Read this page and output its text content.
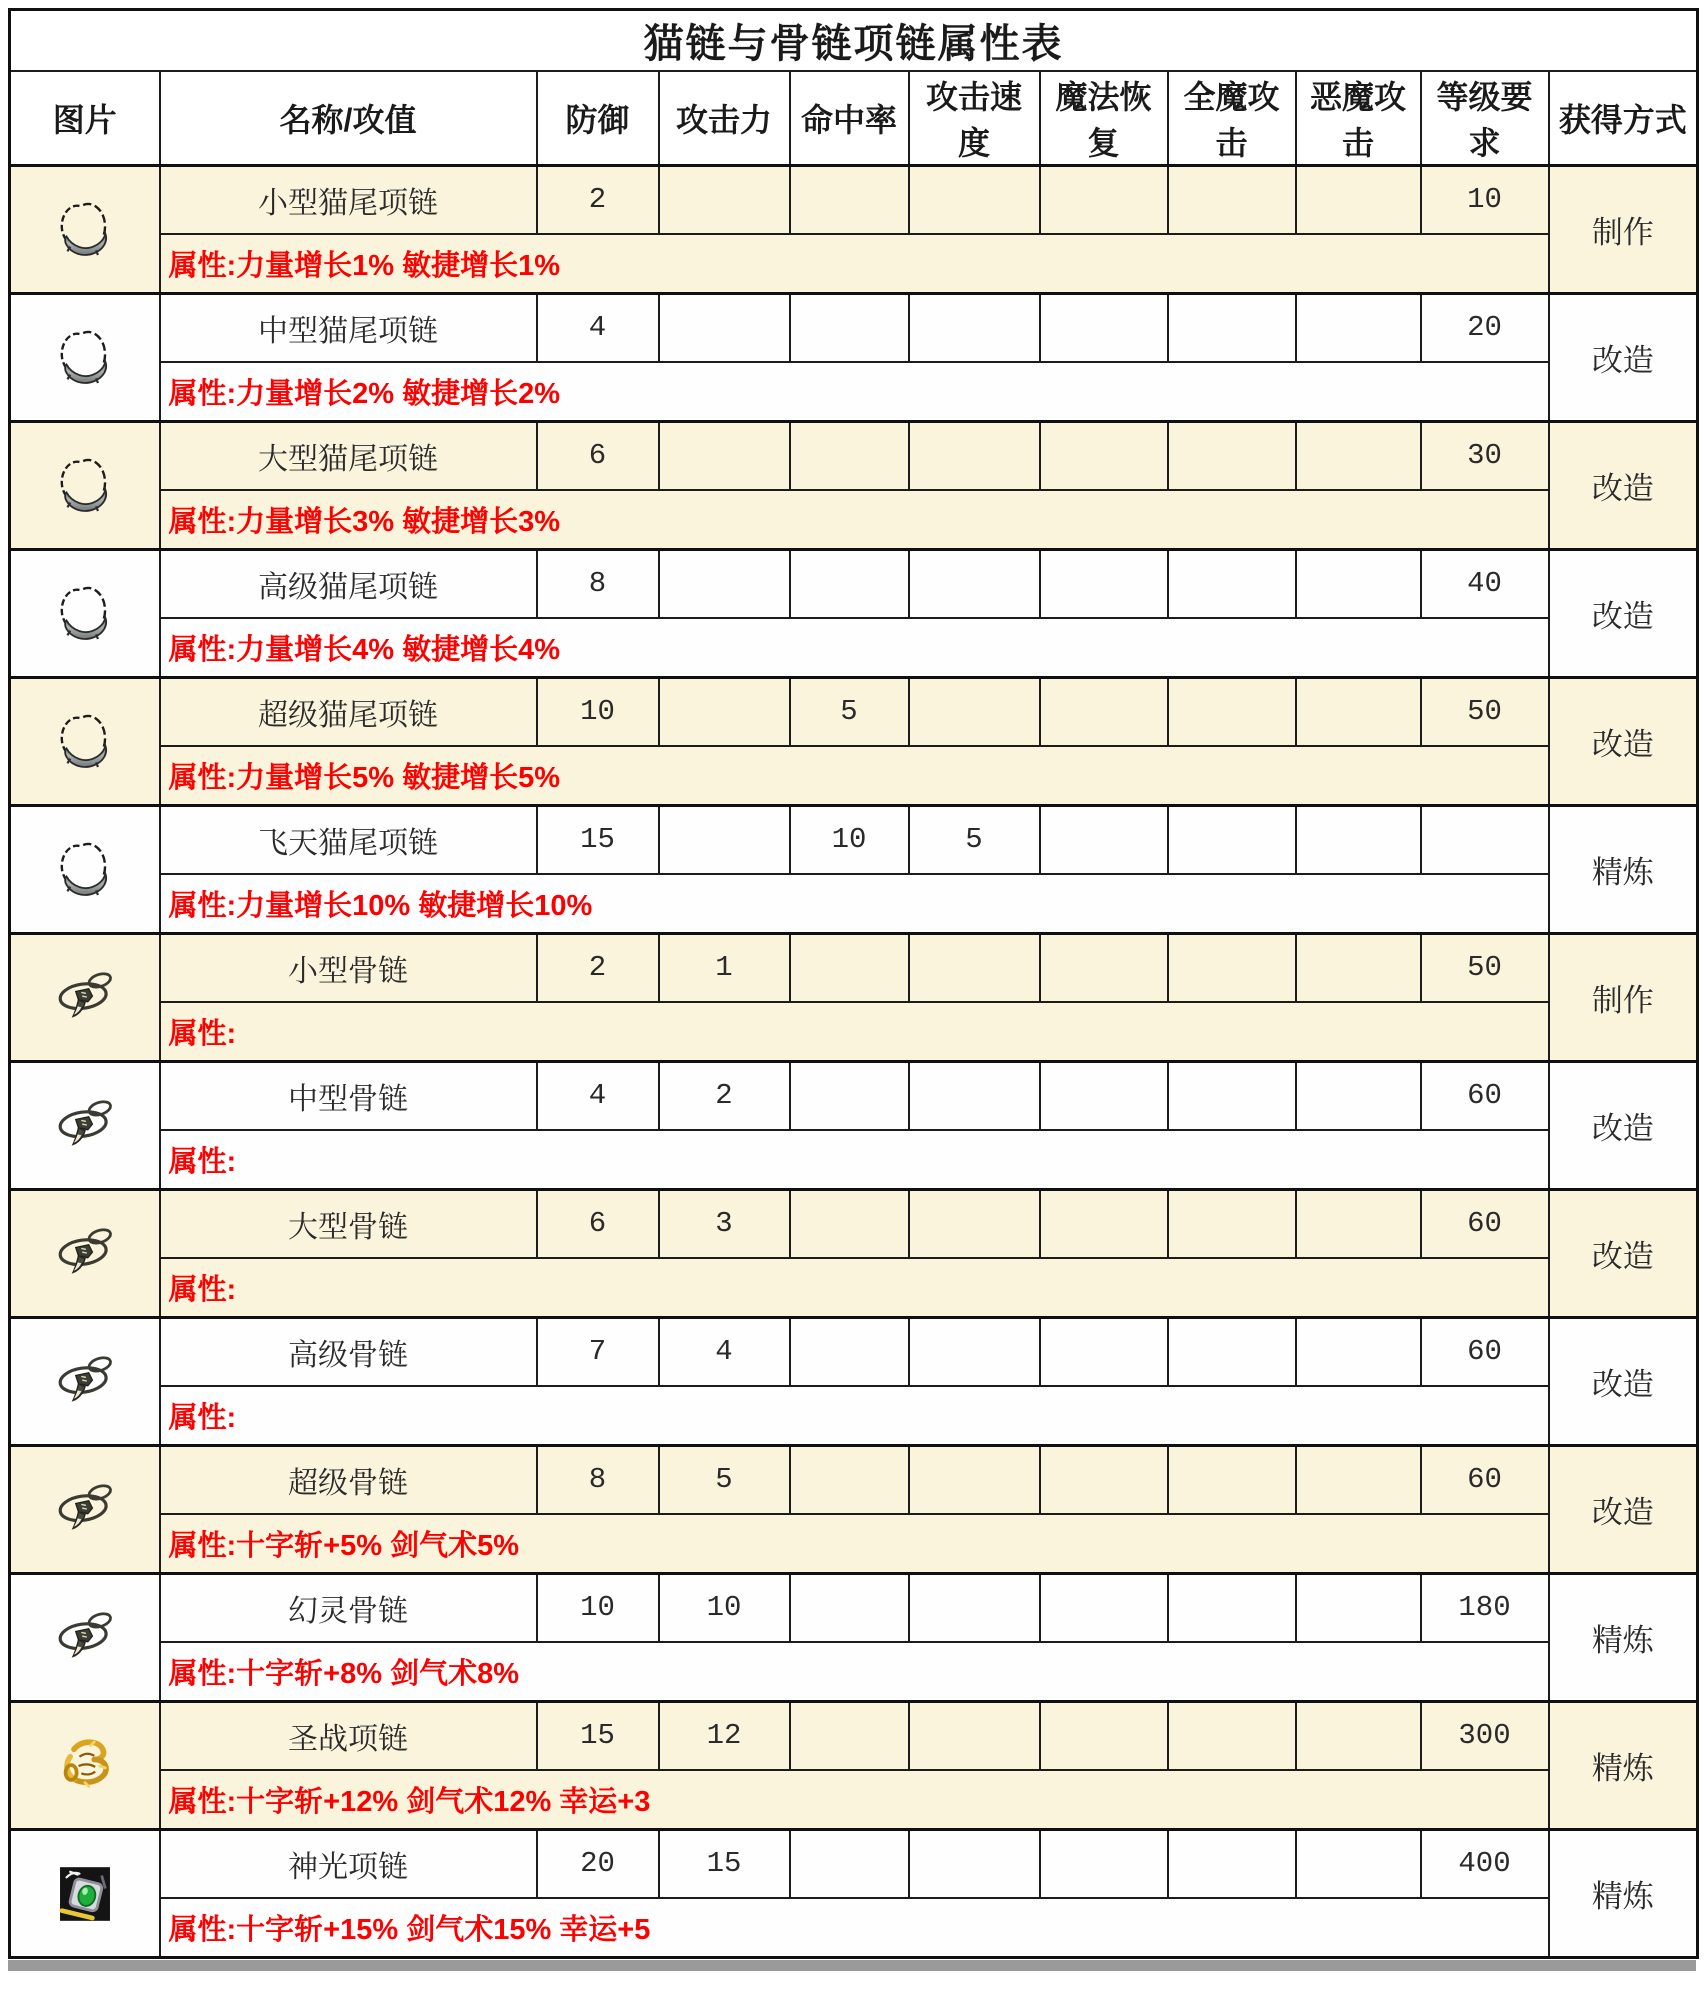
猫链与骨链项链属性表										
图片	名称/攻值	防御	攻击力	命中率	攻击速度	魔法恢复	全魔攻击	恶魔攻击	等级要求	获得方式
	小型猫尾项链	2							10	制作
	属性:力量增长1% 敏捷增长1%									
	中型猫尾项链	4							20	改造
	属性:力量增长2% 敏捷增长2%									
	大型猫尾项链	6							30	改造
	属性:力量增长3% 敏捷增长3%									
	高级猫尾项链	8							40	改造
	属性:力量增长4% 敏捷增长4%									
	超级猫尾项链	10		5					50	改造
	属性:力量增长5% 敏捷增长5%									
	飞天猫尾项链	15		10	5					精炼
	属性:力量增长10% 敏捷增长10%									
	小型骨链	2	1						50	制作
	属性:									
	中型骨链	4	2						60	改造
	属性:									
	大型骨链	6	3						60	改造
	属性:									
	高级骨链	7	4						60	改造
	属性:									
	超级骨链	8	5						60	改造
	属性:十字斩+5% 剑气术5%									
	幻灵骨链	10	10						180	精炼
	属性:十字斩+8% 剑气术8%									
	圣战项链	15	12						300	精炼
	属性:十字斩+12% 剑气术12% 幸运+3									
	神光项链	20	15						400	精炼
	属性:十字斩+15% 剑气术15% 幸运+5									
